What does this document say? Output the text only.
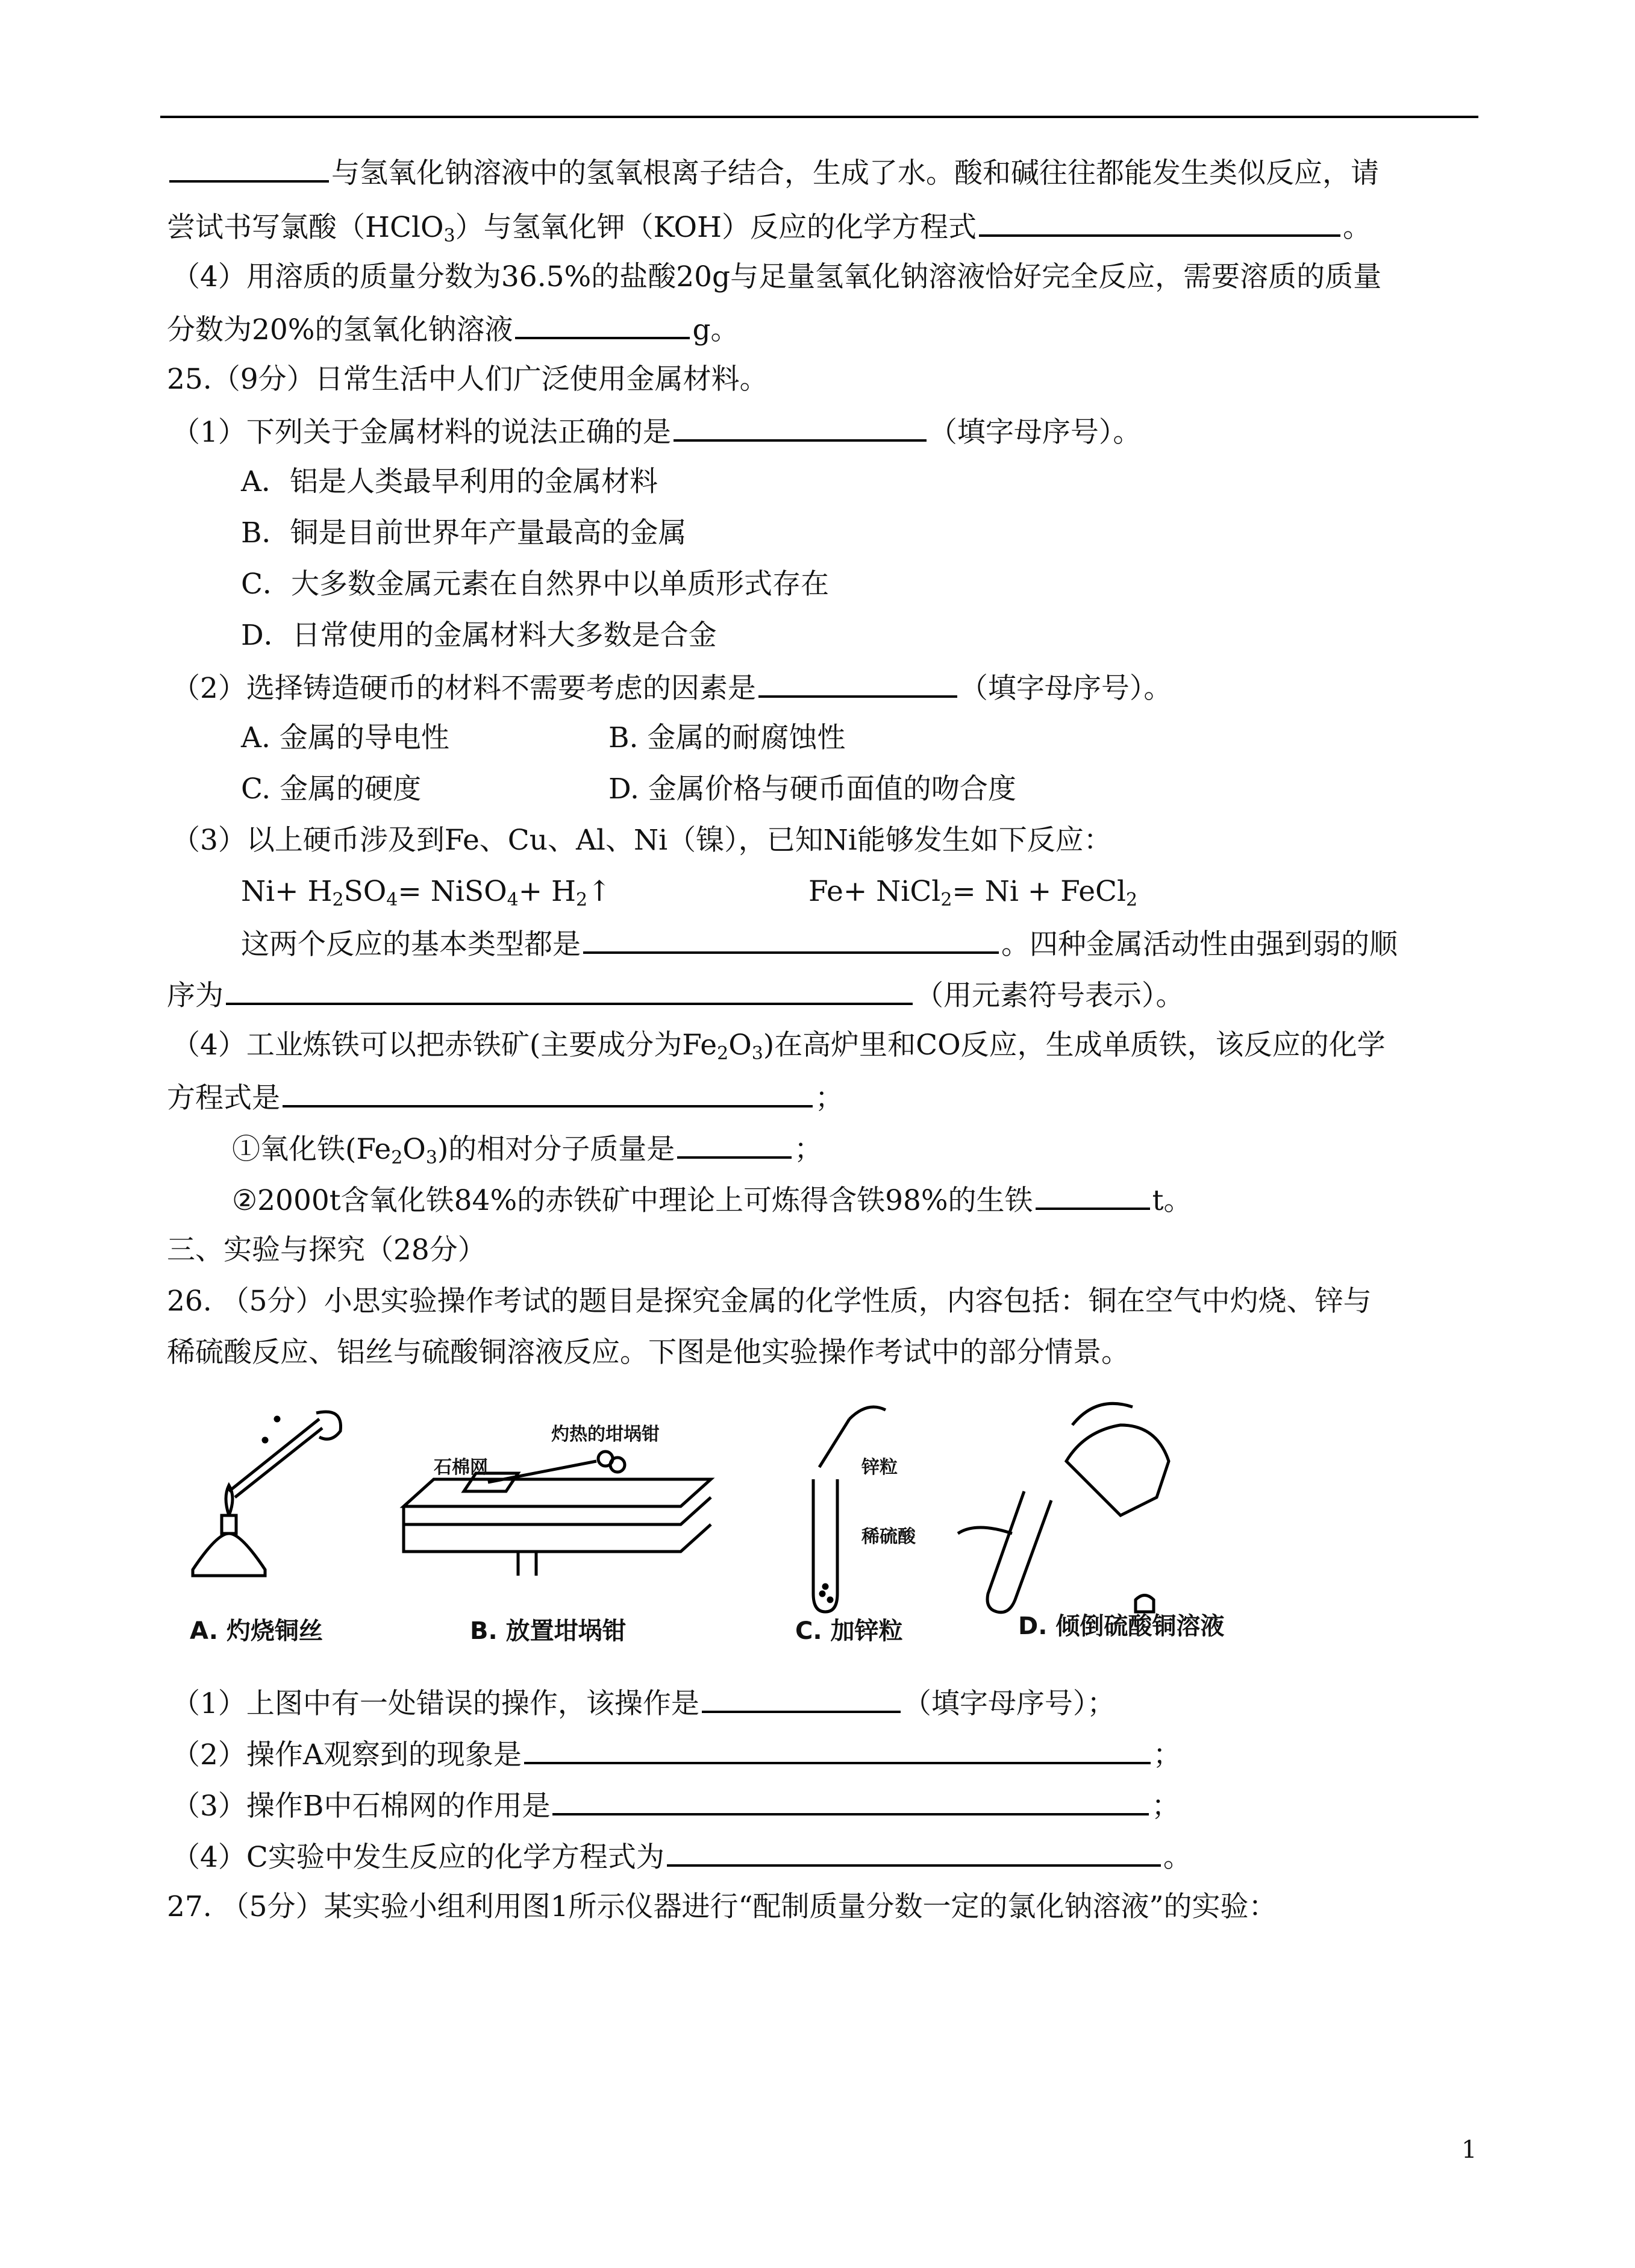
与氢氧化钠溶液中的氢氧根离子结合，生成了水。酸和碱往往都能发生类似反应，请
尝试书写氯酸（HClO$_3$）与氢氧化钾（KOH）反应的化学方程式	。
（4）用溶质的质量分数为36.5%的盐酸20g与足量氢氧化钠溶液恰好完全反应，需要溶质的质量
分数为20%的氢氧化钠溶液	g。
25.（9分）日常生活中人们广泛使用金属材料。
（1）下列关于金属材料的说法正确的是	（填字母序号）。
A．铝是人类最早利用的金属材料
B．铜是目前世界年产量最高的金属
C．大多数金属元素在自然界中以单质形式存在
D．日常使用的金属材料大多数是合金
（2）选择铸造硬币的材料不需要考虑的因素是	（填字母序号）。
A. 金属的导电性	B. 金属的耐腐蚀性
C. 金属的硬度	D. 金属价格与硬币面值的吻合度
（3）以上硬币涉及到Fe、Cu、Al、Ni（镍），已知Ni能够发生如下反应：
$Ni+ H_2SO_4=$ NiSO$_4$+ $H_2↑$	Fe+ NiCl$_2$= Ni + FeCl$_2$
这两个反应的基本类型都是	。四种金属活动性由强到弱的顺
序为	（用元素符号表示）。
（4）工业炼铁可以把赤铁矿(主要成分为$Fe_2O_3$)在高炉里和CO反应，生成单质铁，该反应的化学
方程式是	；
①氧化铁$(Fe_2O_3)$的相对分子质量是	；
②2000t含氧化铁84%的赤铁矿中理论上可炼得含铁98%的生铁	t。
三、实验与探究（28分）
26. （5分）小思实验操作考试的题目是探究金属的化学性质，内容包括：铜在空气中灼烧、锌与
稀硫酸反应、铝丝与硫酸铜溶液反应。下图是他实验操作考试中的部分情景。
石棉网
灼热的坩埚钳
锌粒
稀硫酸
A. 灼烧铜丝	B. 放置坩埚钳	C. 加锌粒	D. 倾倒硫酸铜溶液
（1）上图中有一处错误的操作，该操作是	（填字母序号）；
（2）操作A观察到的现象是	；
（3）操作B中石棉网的作用是	；
（4）C实验中发生反应的化学方程式为	。
27. （5分）某实验小组利用图1所示仪器进行“配制质量分数一定的氯化钠溶液”的实验：
1
